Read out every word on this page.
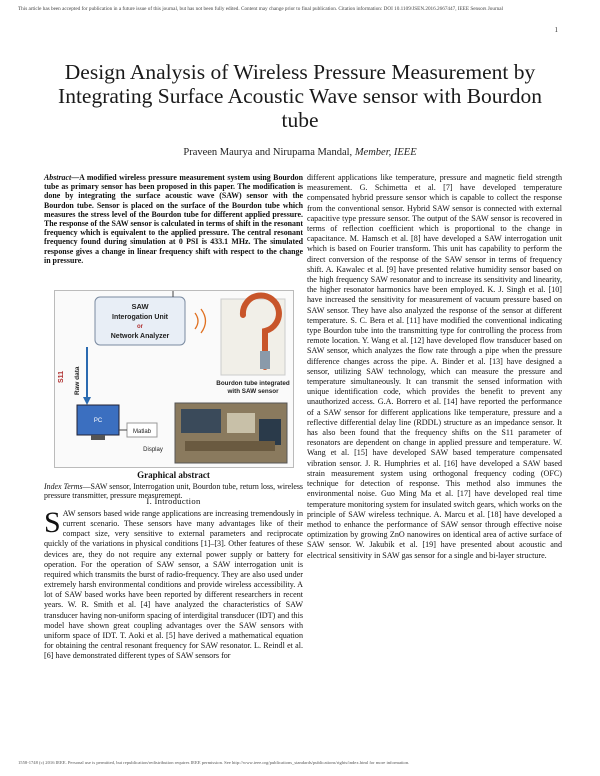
This article has been accepted for publication in a future issue of this journal, but has not been fully edited. Content may change prior to final publication. Citation information: DOI 10.1109/JSEN.2016.2667447, IEEE Sensors Journal
1
Design Analysis of Wireless Pressure Measurement by Integrating Surface Acoustic Wave sensor with Bourdon tube
Praveen Maurya and Nirupama Mandal, Member, IEEE
Abstract—A modified wireless pressure measurement system using Bourdon tube as primary sensor has been proposed in this paper. The modification is done by integrating the surface acoustic wave (SAW) sensor with the Bourdon tube. Sensor is placed on the surface of the Bourdon tube which measures the stress level of the Bourdon tube for different applied pressure. The response of the SAW sensor is calculated in terms of shift in the resonant frequency which is equivalent to the applied pressure. The central resonant frequency found during simulation at 0 PSI is 433.1 MHz. The simulated response gives a change in linear frequency shift with respect to the change in pressure.
SAW
Interogation Unit
or
Network Analyzer
Bourdon tube integrated
with SAW sensor
S11 Raw data
PC
Matlab
Display
Graphical abstract
Index Terms—SAW sensor, Interrogation unit, Bourdon tube, return loss, wireless pressure transmitter, pressure measurement.
I. Introduction
SAW sensors based wide range applications are increasing tremendously in current scenario. These sensors have many advantages like of their compact size, very sensitive to external parameters and reciprocate quickly of the variations in physical conditions [1]–[3]. Other features of these devices are, they do not require any external power supply or battery for operation. For the operation of SAW sensor, a SAW interrogation unit is required which transmits the burst of radio-frequency. They are also used under extremely harsh environmental conditions and provide wireless accessibility. A lot of SAW based works have been reported by different researchers in recent years. W. R. Smith et al. [4] have analyzed the characteristics of SAW transducer having non-uniform spacing of interdigital transducer (IDT) and this model have shown great coupling advantages over the SAW sensors with uniform space of IDT. T. Aoki et al. [5] have derived a mathematical equation for obtaining the central resonant frequency for SAW resonator. L. Reindl et al. [6] have demonstrated different types of SAW sensors for
different applications like temperature, pressure and magnetic field strength measurement. G. Schimetta et al. [7] have developed temperature compensated hybrid pressure sensor which is capable to collect the response from the conventional sensor. Hybrid SAW sensor is connected with external capacitive type pressure sensor. The output of the SAW sensor is recovered in terms of reflection coefficient which is proportional to the change in capacitance. M. Hamsch et al. [8] have developed a SAW interrogation unit which is based on Fourier transform. This unit has capability to perform the direct conversion of the response of the SAW sensor in terms of frequency shift. A. Kawalec et al. [9] have presented relative humidity sensor based on the high frequency SAW resonator and to increase its sensitivity and linearity, the higher resonator harmonics have been employed. K. J. Singh et al. [10] have increased the sensitivity for measurement of vacuum pressure based on SAW sensor. They have also analyzed the response of the sensor at different temperature. S. C. Bera et al. [11] have modified the conventional indicating type Bourdon tube into the transmitting type for controlling the process from remote location. Y. Wang et al. [12] have developed flow transducer based on SAW sensor, which analyzes the flow rate through a pipe when the pressure difference changes across the pipe. A. Binder et al. [13] have designed a sensor, utilizing SAW technology, which can measure the pressure and temperature simultaneously. It can transmit the sensed information with unique identification code, which provides the benefit to prevent any unauthorized access. G.A. Borrero et al. [14] have reported the performance of a SAW sensor for different applications like temperature, pressure and a reflective differential delay line (RDDL) structure as an impedance sensor. It has also been found that the frequency shifts on the S11 parameter of resonators are dependent on change in applied pressure and temperature. W. Wang et al. [15] have developed SAW based temperature compensated vibration sensor. J. R. Humphries et al. [16] have developed a SAW based strain measurement system using orthogonal frequency coding (OFC) technique for detection of response. This method also immunes the environmental noise. Guo Ming Ma et al. [17] have developed real time temperature monitoring system for insulated switch gears, which works on the principle of SAW wireless technique. A. Marcu et al. [18] have developed a method to enhance the performance of SAW sensor through effective noise optimization by growing ZnO nanowires on identical area of active surface of SAW sensor. W. Jakubik et al. [19] have presented about acoustic and electrical sensitivity in SAW gas sensor for a single and bi-layer structure.
1558-1748 (c) 2016 IEEE. Personal use is permitted, but republication/redistribution requires IEEE permission. See http://www.ieee.org/publications_standards/publications/rights/index.html for more information.
